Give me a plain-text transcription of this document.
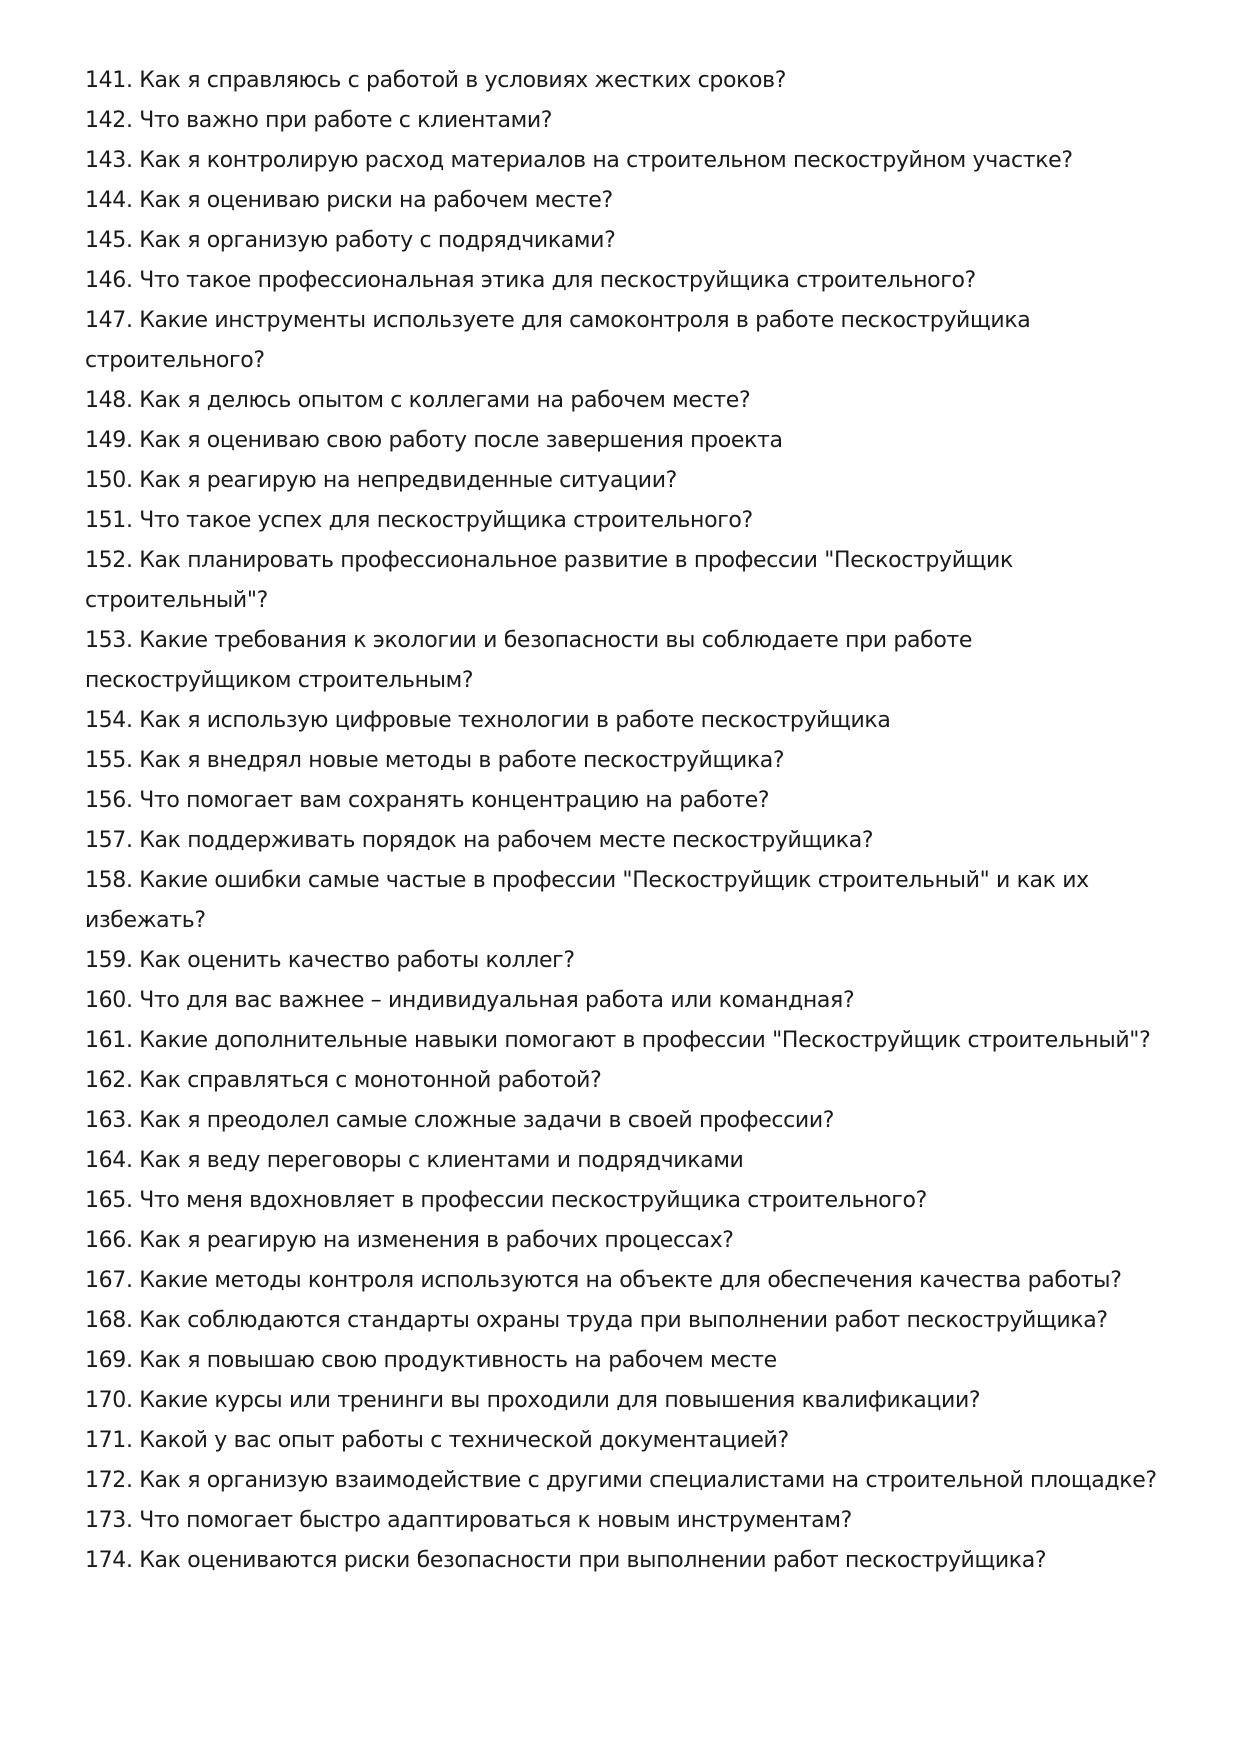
141. Как я справляюсь с работой в условиях жестких сроков?

142. Что важно при работе с клиентами?

143. Как я контролирую расход материалов на строительном пескоструйном участке?

144. Как я оцениваю риски на рабочем месте?

145. Как я организую работу с подрядчиками?

146. Что такое профессиональная этика для пескоструйщика строительного?

147. Какие инструменты используете для самоконтроля в работе пескоструйщика строительного?

148. Как я делюсь опытом с коллегами на рабочем месте?

149. Как я оцениваю свою работу после завершения проекта

150. Как я реагирую на непредвиденные ситуации?

151. Что такое успех для пескоструйщика строительного?

152. Как планировать профессиональное развитие в профессии "Пескоструйщик строительный"?

153. Какие требования к экологии и безопасности вы соблюдаете при работе пескоструйщиком строительным?

154. Как я использую цифровые технологии в работе пескоструйщика

155. Как я внедрял новые методы в работе пескоструйщика?

156. Что помогает вам сохранять концентрацию на работе?

157. Как поддерживать порядок на рабочем месте пескоструйщика?

158. Какие ошибки самые частые в профессии "Пескоструйщик строительный" и как их избежать?

159. Как оценить качество работы коллег?

160. Что для вас важнее – индивидуальная работа или командная?

161. Какие дополнительные навыки помогают в профессии "Пескоструйщик строительный"?

162. Как справляться с монотонной работой?

163. Как я преодолел самые сложные задачи в своей профессии?

164. Как я веду переговоры с клиентами и подрядчиками

165. Что меня вдохновляет в профессии пескоструйщика строительного?

166. Как я реагирую на изменения в рабочих процессах?

167. Какие методы контроля используются на объекте для обеспечения качества работы?

168. Как соблюдаются стандарты охраны труда при выполнении работ пескоструйщика?

169. Как я повышаю свою продуктивность на рабочем месте

170. Какие курсы или тренинги вы проходили для повышения квалификации?

171. Какой у вас опыт работы с технической документацией?

172. Как я организую взаимодействие с другими специалистами на строительной площадке?

173. Что помогает быстро адаптироваться к новым инструментам?

174. Как оцениваются риски безопасности при выполнении работ пескоструйщика?
